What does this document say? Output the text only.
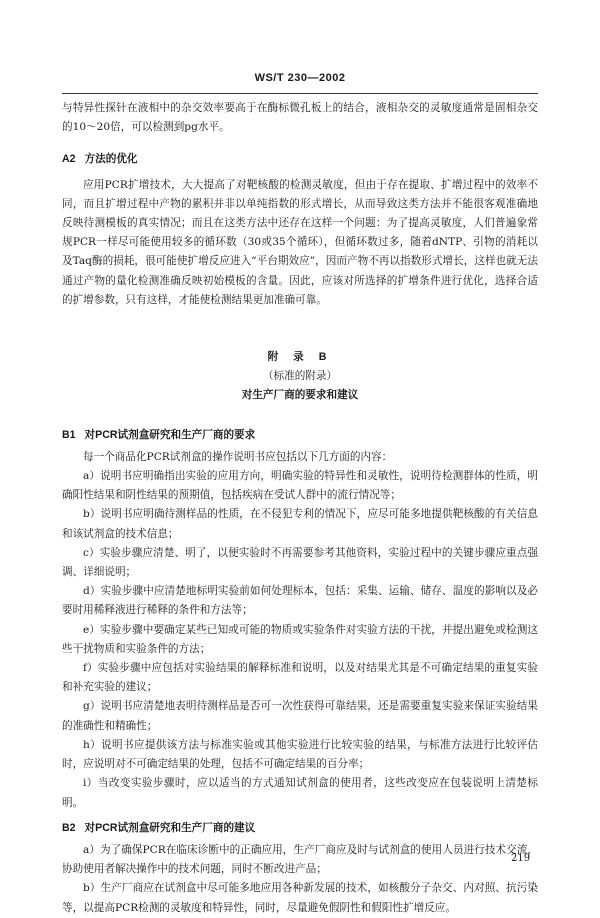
WS/T 230—2002

与特异性探针在液相中的杂交效率要高于在酶标微孔板上的结合，液相杂交的灵敏度通常是固相杂交的10～20倍，可以检测到pg水平。

A2 方法的优化

应用PCR扩增技术，大大提高了对靶核酸的检测灵敏度，但由于存在提取、扩增过程中的效率不同，而且扩增过程中产物的累积并非以单纯指数的形式增长，从而导致这类方法并不能很客观准确地反映待测模板的真实情况；而且在这类方法中还存在这样一个问题：为了提高灵敏度，人们普遍象常规PCR一样尽可能使用较多的循环数（30或35个循环），但循环数过多，随着dNTP、引物的消耗以及Taq酶的损耗，很可能使扩增反应进入“平台期效应”，因而产物不再以指数形式增长，这样也就无法通过产物的量化检测准确反映初始模板的含量。因此，应该对所选择的扩增条件进行优化，选择合适的扩增参数，只有这样，才能使检测结果更加准确可靠。

附 录 B

（标准的附录）

对生产厂商的要求和建议

B1 对PCR试剂盒研究和生产厂商的要求

每一个商品化PCR试剂盒的操作说明书应包括以下几方面的内容：

a）说明书应明确指出实验的应用方向，明确实验的特异性和灵敏性，说明待检测群体的性质，明确阳性结果和阴性结果的预期值，包括疾病在受试人群中的流行情况等；

b）说明书应明确待测样品的性质，在不侵犯专利的情况下，应尽可能多地提供靶核酸的有关信息和该试剂盒的技术信息；

c）实验步骤应清楚、明了，以便实验时不再需要参考其他资料，实验过程中的关键步骤应重点强调、详细说明；

d）实验步骤中应清楚地标明实验前如何处理标本，包括：采集、运输、储存、温度的影响以及必要时用稀释液进行稀释的条件和方法等；

e）实验步骤中要确定某些已知或可能的物质或实验条件对实验方法的干扰，并提出避免或检测这些干扰物质和实验条件的方法；

f）实验步骤中应包括对实验结果的解释标准和说明，以及对结果尤其是不可确定结果的重复实验和补充实验的建议；

g）说明书应清楚地表明待测样品是否可一次性获得可靠结果，还是需要重复实验来保证实验结果的准确性和精确性；

h）说明书应提供该方法与标准实验或其他实验进行比较实验的结果，与标准方法进行比较评估时，应说明对不可确定结果的处理，包括不可确定结果的百分率；

i）当改变实验步骤时，应以适当的方式通知试剂盒的使用者，这些改变应在包装说明上清楚标明。

B2 对PCR试剂盒研究和生产厂商的建议

a）为了确保PCR在临床诊断中的正确应用，生产厂商应及时与试剂盒的使用人员进行技术交流，协助使用者解决操作中的技术问题，同时不断改进产品；

b）生产厂商应在试剂盒中尽可能多地应用各种新发展的技术，如核酸分子杂交、内对照、抗污染等，以提高PCR检测的灵敏度和特异性，同时，尽量避免假阴性和假阳性扩增反应。

219
